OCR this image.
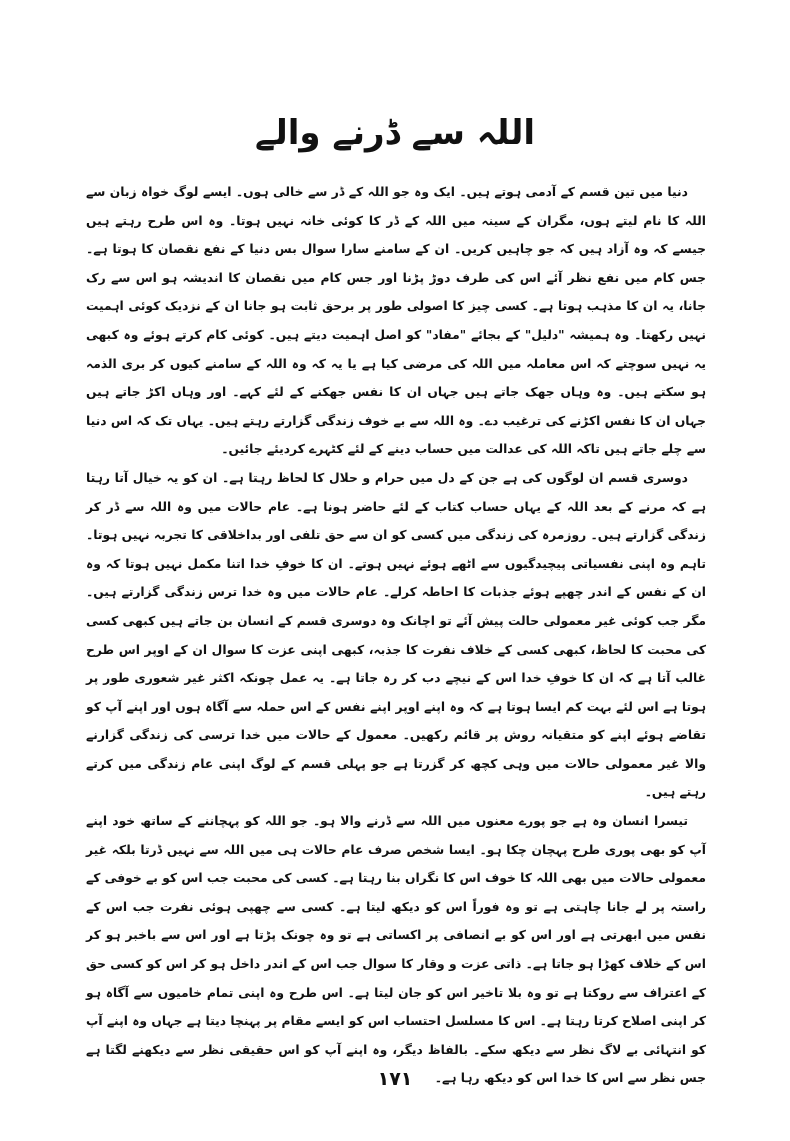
اللہ سے ڈرنے والے

دنیا میں تین قسم کے آدمی ہوتے ہیں۔ ایک وہ جو اللہ کے ڈر سے خالی ہوں۔ ایسے لوگ خواہ زبان سے اللہ کا نام لیتے ہوں، مگران کے سینہ میں اللہ کے ڈر کا کوئی خانہ نہیں ہوتا۔ وہ اس طرح رہتے ہیں جیسے کہ وہ آزاد ہیں کہ جو چاہیں کریں۔ ان کے سامنے سارا سوال بس دنیا کے نفع نقصان کا ہوتا ہے۔ جس کام میں نفع نظر آئے اس کی طرف دوڑ پڑنا اور جس کام میں نقصان کا اندیشہ ہو اس سے رک جانا، یہ ان کا مذہب ہوتا ہے۔ کسی چیز کا اصولی طور پر برحق ثابت ہو جانا ان کے نزدیک کوئی اہمیت نہیں رکھتا۔ وہ ہمیشہ "دلیل" کے بجائے "مفاد" کو اصل اہمیت دیتے ہیں۔ کوئی کام کرتے ہوئے وہ کبھی یہ نہیں سوچتے کہ اس معاملہ میں اللہ کی مرضی کیا ہے یا یہ کہ وہ اللہ کے سامنے کیوں کر بری الذمہ ہو سکتے ہیں۔ وہ وہاں جھک جاتے ہیں جہاں ان کا نفس جھکنے کے لئے کہے۔ اور وہاں اکڑ جاتے ہیں جہاں ان کا نفس اکڑنے کی ترغیب دے۔ وہ اللہ سے بے خوف زندگی گزارتے رہتے ہیں۔ یہاں تک کہ اس دنیا سے چلے جاتے ہیں تاکہ اللہ کی عدالت میں حساب دینے کے لئے کٹہرے کردیئے جائیں۔

دوسری قسم ان لوگوں کی ہے جن کے دل میں حرام و حلال کا لحاظ رہتا ہے۔ ان کو یہ خیال آتا رہتا ہے کہ مرنے کے بعد اللہ کے یہاں حساب کتاب کے لئے حاضر ہونا ہے۔ عام حالات میں وہ اللہ سے ڈر کر زندگی گزارتے ہیں۔ روزمرہ کی زندگی میں کسی کو ان سے حق تلفی اور بداخلاقی کا تجربہ نہیں ہوتا۔ تاہم وہ اپنی نفسیاتی پیچیدگیوں سے اٹھے ہوئے نہیں ہوتے۔ ان کا خوفِ خدا اتنا مکمل نہیں ہوتا کہ وہ ان کے نفس کے اندر چھپے ہوئے جذبات کا احاطہ کرلے۔ عام حالات میں وہ خدا ترس زندگی گزارتے ہیں۔ مگر جب کوئی غیر معمولی حالت پیش آئے تو اچانک وہ دوسری قسم کے انسان بن جاتے ہیں کبھی کسی کی محبت کا لحاظ، کبھی کسی کے خلاف نفرت کا جذبہ، کبھی اپنی عزت کا سوال ان کے اوپر اس طرح غالب آتا ہے کہ ان کا خوفِ خدا اس کے نیچے دب کر رہ جاتا ہے۔ یہ عمل چونکہ اکثر غیر شعوری طور پر ہوتا ہے اس لئے بہت کم ایسا ہوتا ہے کہ وہ اپنے اوپر اپنے نفس کے اس حملہ سے آگاہ ہوں اور اپنے آپ کو تقاضے ہوئے اپنے کو متقیانہ روش پر قائم رکھیں۔ معمول کے حالات میں خدا ترسی کی زندگی گزارنے والا غیر معمولی حالات میں وہی کچھ کر گزرتا ہے جو پہلی قسم کے لوگ اپنی عام زندگی میں کرتے رہتے ہیں۔

تیسرا انسان وہ ہے جو پورے معنوں میں اللہ سے ڈرنے والا ہو۔ جو اللہ کو پہچاننے کے ساتھ خود اپنے آپ کو بھی پوری طرح پہچان چکا ہو۔ ایسا شخص صرف عام حالات ہی میں اللہ سے نہیں ڈرتا بلکہ غیر معمولی حالات میں بھی اللہ کا خوف اس کا نگراں بنا رہتا ہے۔ کسی کی محبت جب اس کو بے خوفی کے راستہ پر لے جانا چاہتی ہے تو وہ فوراً اس کو دیکھ لیتا ہے۔ کسی سے چھپی ہوئی نفرت جب اس کے نفس میں ابھرتی ہے اور اس کو بے انصافی پر اکساتی ہے تو وہ چونک پڑتا ہے اور اس سے باخبر ہو کر اس کے خلاف کھڑا ہو جاتا ہے۔ ذاتی عزت و وقار کا سوال جب اس کے اندر داخل ہو کر اس کو کسی حق کے اعتراف سے روکتا ہے تو وہ بلا تاخیر اس کو جان لیتا ہے۔ اس طرح وہ اپنی تمام خامیوں سے آگاہ ہو کر اپنی اصلاح کرتا رہتا ہے۔ اس کا مسلسل احتساب اس کو ایسے مقام پر پہنچا دیتا ہے جہاں وہ اپنے آپ کو انتہائی بے لاگ نظر سے دیکھ سکے۔ بالفاظ دیگر، وہ اپنے آپ کو اس حقیقی نظر سے دیکھنے لگتا ہے جس نظر سے اس کا خدا اس کو دیکھ رہا ہے۔

۱۷۱
